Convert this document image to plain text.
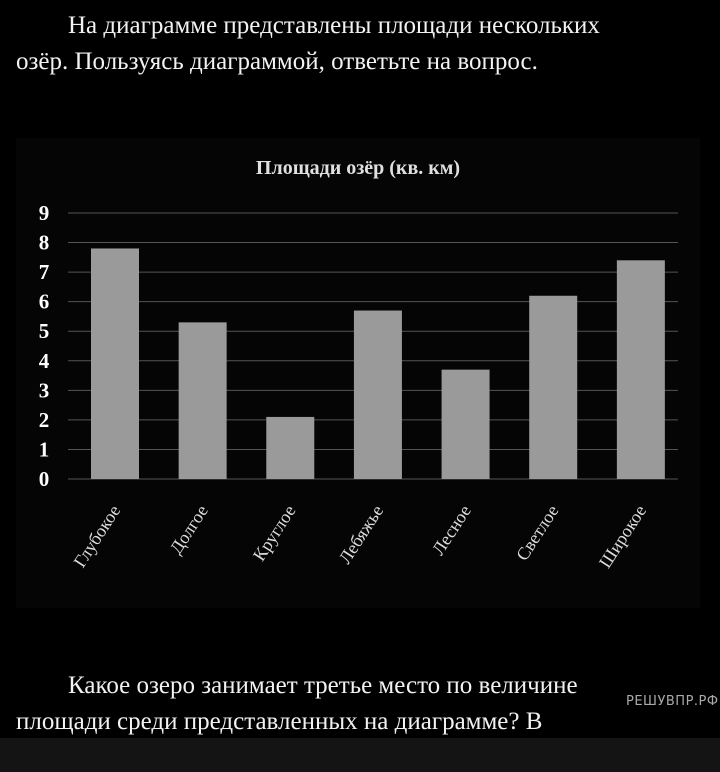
На диаграмме представлены площади нескольких
озёр. Пользуясь диаграммой, ответьте на вопрос.
Площади озёр (кв. км)
0
1
2
3
4
5
6
7
8
9
Глубокое Долгое Круглое Лебяжье Лесное Светлое Широкое
РЕШУВПР.РФ
Какое озеро занимает третье место по величине
площади среди представленных на диаграмме? В
